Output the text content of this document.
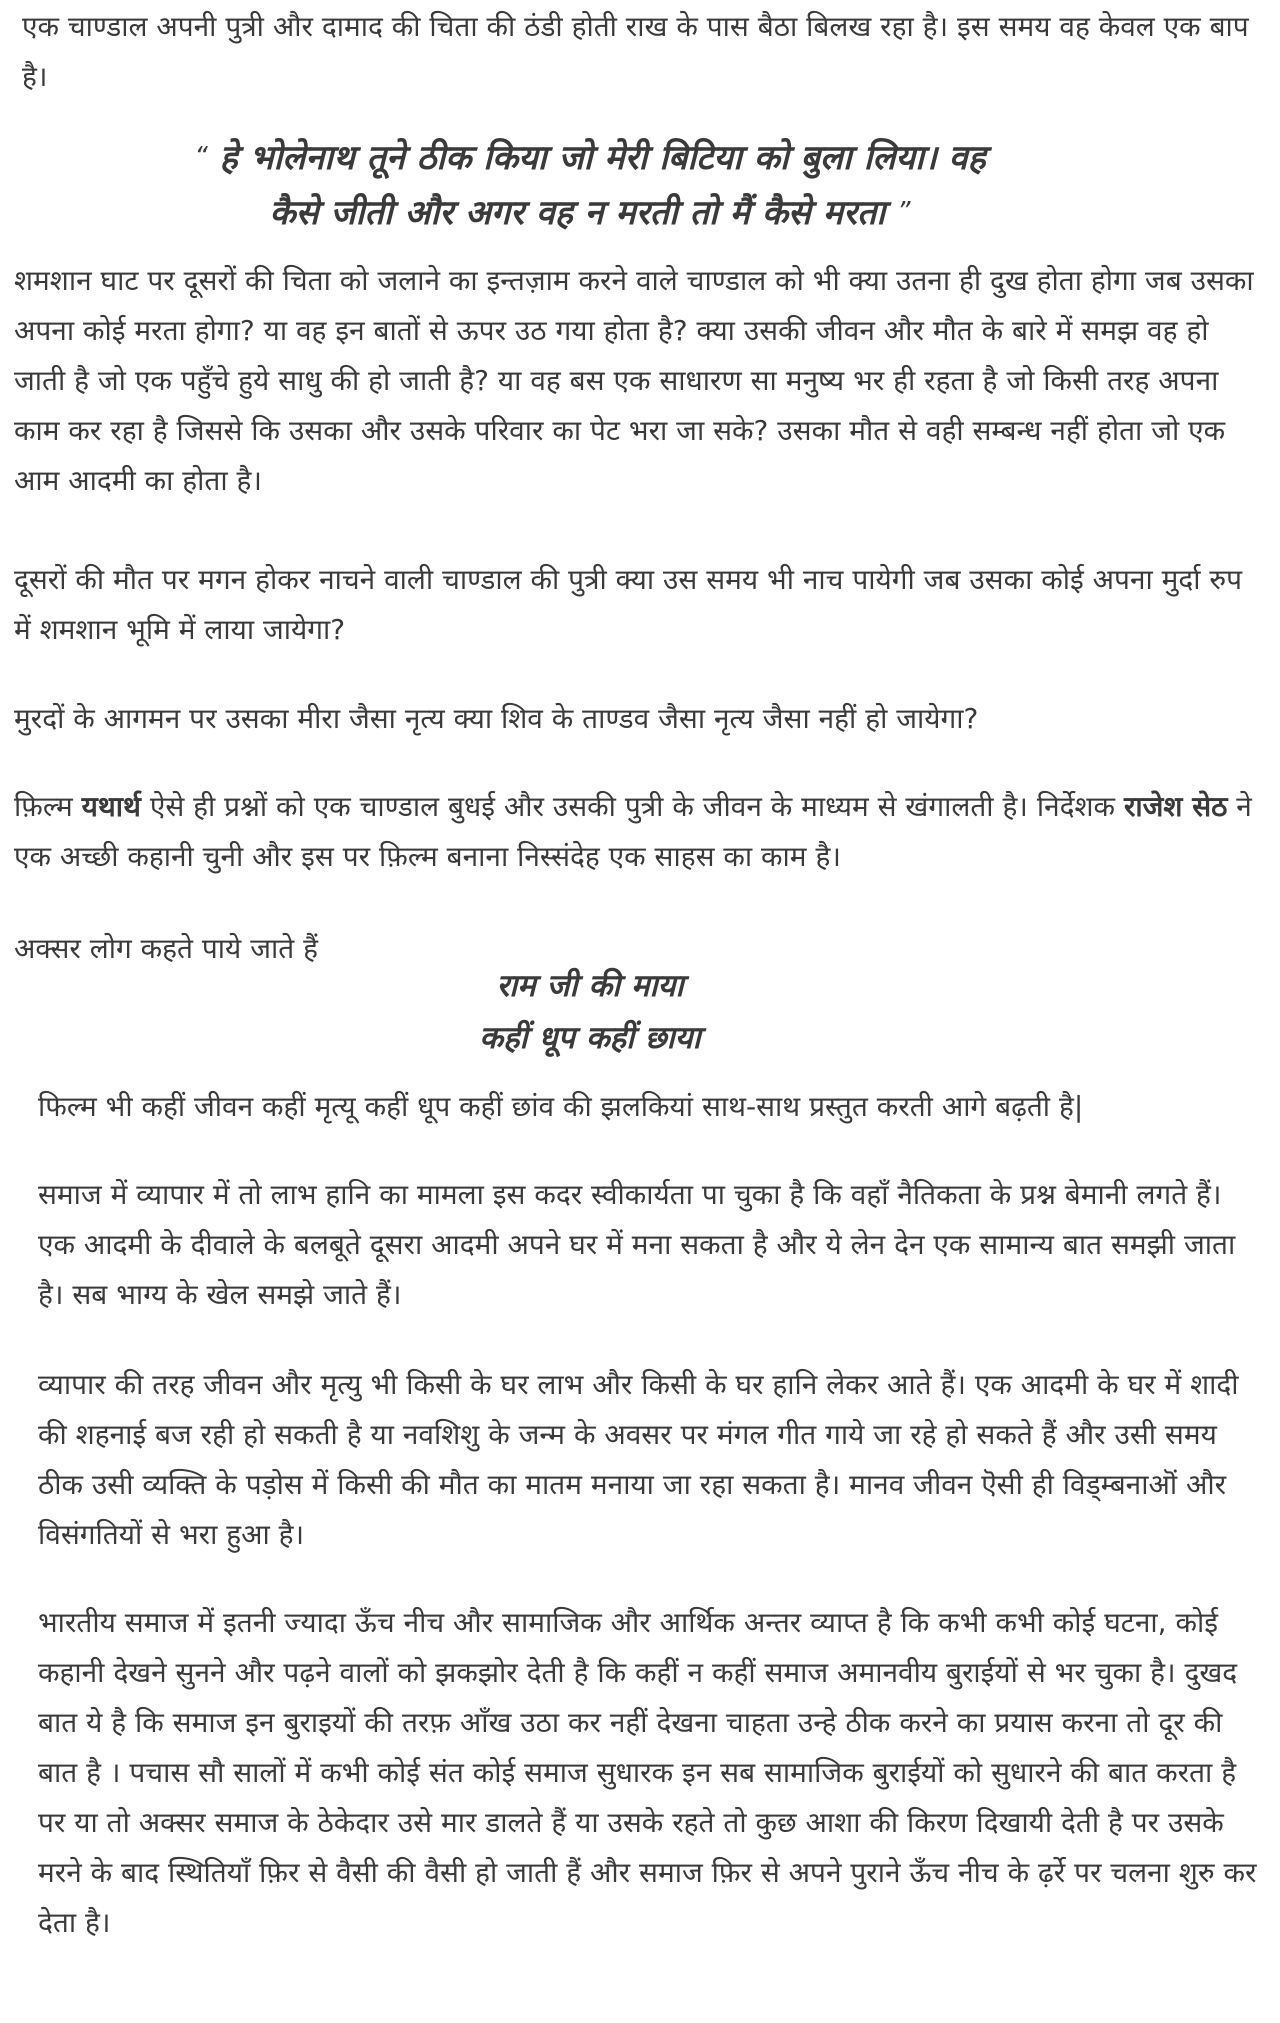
एक चाण्डाल अपनी पुत्री और दामाद की चिता की ठंडी होती राख के पास बैठा बिलख रहा है। इस समय वह केवल एक बाप है।

“ हे भोलेनाथ तूने ठीक किया जो मेरी बिटिया को बुला लिया। वह
कैसे जीती और अगर वह न मरती तो मैं कैसे मरता ”

शमशान घाट पर दूसरों की चिता को जलाने का इन्तज़ाम करने वाले चाण्डाल को भी क्या उतना ही दुख होता होगा जब उसका अपना कोई मरता होगा? या वह इन बातों से ऊपर उठ गया होता है? क्या उसकी जीवन और मौत के बारे में समझ वह हो जाती है जो एक पहुँचे हुये साधु की हो जाती है? या वह बस एक साधारण सा मनुष्य भर ही रहता है जो किसी तरह अपना काम कर रहा है जिससे कि उसका और उसके परिवार का पेट भरा जा सके? उसका मौत से वही सम्बन्ध नहीं होता जो एक आम आदमी का होता है।

दूसरों की मौत पर मगन होकर नाचने वाली चाण्डाल की पुत्री क्या उस समय भी नाच पायेगी जब उसका कोई अपना मुर्दा रुप में शमशान भूमि में लाया जायेगा?

मुरदों के आगमन पर उसका मीरा जैसा नृत्य क्या शिव के ताण्डव जैसा नृत्य जैसा नहीं हो जायेगा?

फ़िल्म यथार्थ ऐसे ही प्रश्नों को एक चाण्डाल बुधई और उसकी पुत्री के जीवन के माध्यम से खंगालती है। निर्देशक राजेश सेठ ने एक अच्छी कहानी चुनी और इस पर फ़िल्म बनाना निस्संदेह एक साहस का काम है।

अक्सर लोग कहते पाये जाते हैं

राम जी की माया
कहीं धूप कहीं छाया

फिल्म भी कहीं जीवन कहीं मृत्यू कहीं धूप कहीं छांव की झलकियां साथ-साथ प्रस्तुत करती आगे बढ़ती है|

समाज में व्यापार में तो लाभ हानि का मामला इस कदर स्वीकार्यता पा चुका है कि वहाँ नैतिकता के प्रश्न बेमानी लगते हैं। एक आदमी के दीवाले के बलबूते दूसरा आदमी अपने घर में मना सकता है और ये लेन देन एक सामान्य बात समझी जाता है। सब भाग्य के खेल समझे जाते हैं।

व्यापार की तरह जीवन और मृत्यु भी किसी के घर लाभ और किसी के घर हानि लेकर आते हैं। एक आदमी के घर में शादी की शहनाई बज रही हो सकती है या नवशिशु के जन्म के अवसर पर मंगल गीत गाये जा रहे हो सकते हैं और उसी समय ठीक उसी व्यक्ति के पड़ोस में किसी की मौत का मातम मनाया जा रहा सकता है। मानव जीवन ऎसी ही विड्म्बनाऒं और विसंगतियों से भरा हुआ है।

भारतीय समाज में इतनी ज्यादा ऊँच नीच और सामाजिक और आर्थिक अन्तर व्याप्त है कि कभी कभी कोई घटना, कोई कहानी देखने सुनने और पढ़ने वालों को झकझोर देती है कि कहीं न कहीं समाज अमानवीय बुराईयों से भर चुका है। दुखद बात ये है कि समाज इन बुराइयों की तरफ़ आँख उठा कर नहीं देखना चाहता उन्हे ठीक करने का प्रयास करना तो दूर की बात है । पचास सौ सालों में कभी कोई संत कोई समाज सुधारक इन सब सामाजिक बुराईयों को सुधारने की बात करता है पर या तो अक्सर समाज के ठेकेदार उसे मार डालते हैं या उसके रहते तो कुछ आशा की किरण दिखायी देती है पर उसके मरने के बाद स्थितियाँ फ़िर से वैसी की वैसी हो जाती हैं और समाज फ़िर से अपने पुराने ऊँच नीच के ढ़र्रे पर चलना शुरु कर देता है।
